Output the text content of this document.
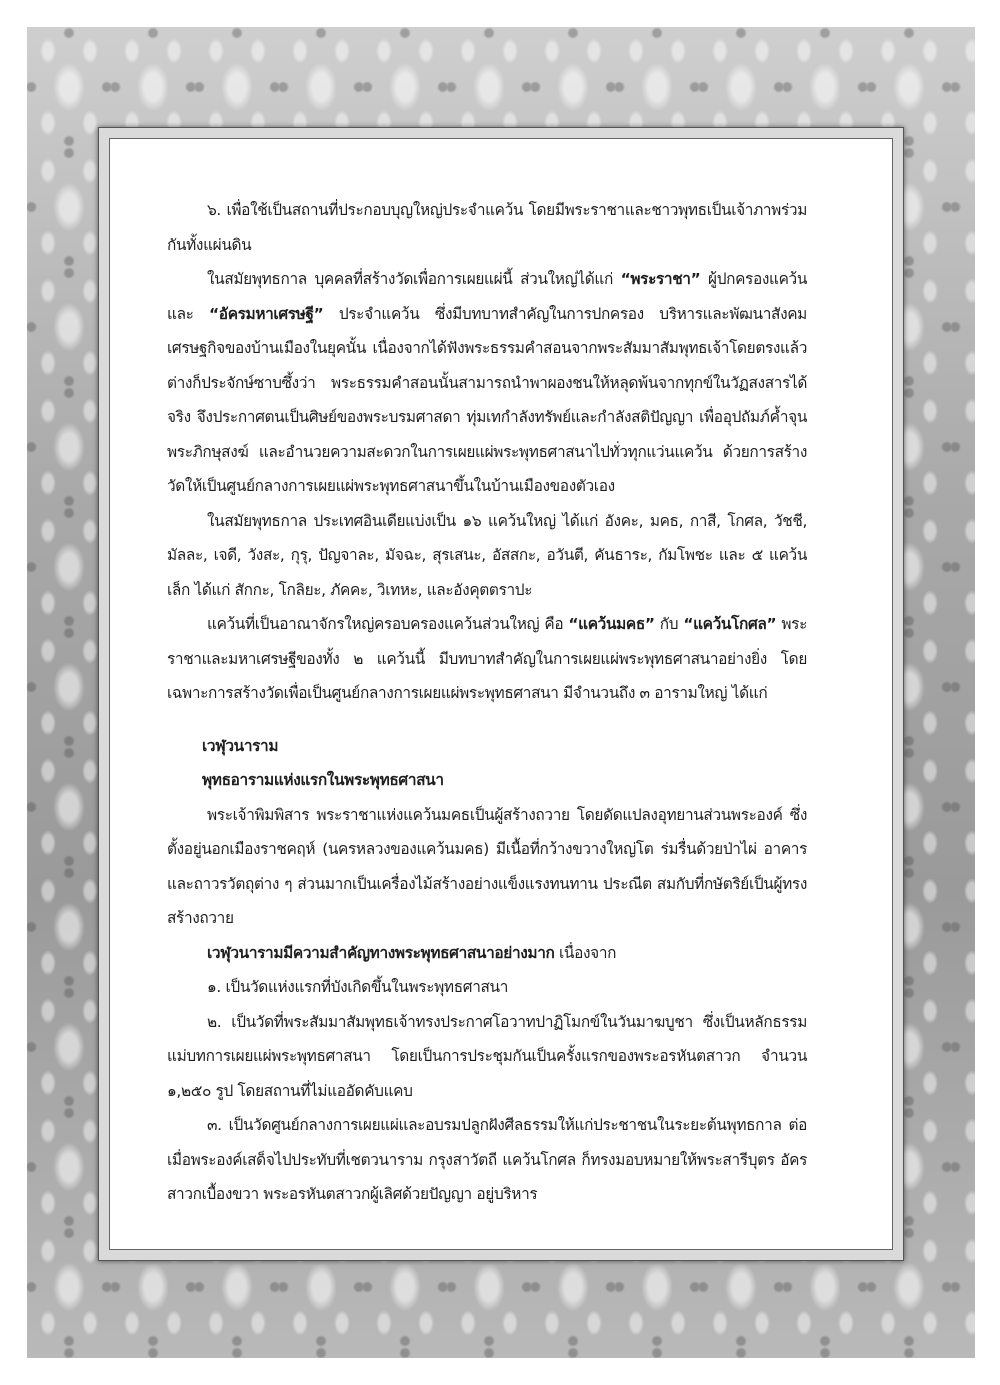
๖. เพื่อใช้เป็นสถานที่ประกอบบุญใหญ่ประจำแคว้น โดยมีพระราชาและชาวพุทธเป็นเจ้าภาพร่วมกันทั้งแผ่นดิน

ในสมัยพุทธกาล บุคคลที่สร้างวัดเพื่อการเผยแผ่นี้ ส่วนใหญ่ได้แก่ “พระราชา” ผู้ปกครองแคว้น และ “อัครมหาเศรษฐี” ประจำแคว้น ซึ่งมีบทบาทสำคัญในการปกครอง บริหารและพัฒนาสังคมเศรษฐกิจของบ้านเมืองในยุคนั้น เนื่องจากได้ฟังพระธรรมคำสอนจากพระสัมมาสัมพุทธเจ้าโดยตรงแล้ว ต่างก็ประจักษ์ซาบซึ้งว่า พระธรรมคำสอนนั้นสามารถนำพาผองชนให้หลุดพ้นจากทุกข์ในวัฏสงสารได้จริง จึงประกาศตนเป็นศิษย์ของพระบรมศาสดา ทุ่มเทกำลังทรัพย์และกำลังสติปัญญา เพื่ออุปถัมภ์ค้ำจุนพระภิกษุสงฆ์ และอำนวยความสะดวกในการเผยแผ่พระพุทธศาสนาไปทั่วทุกแว่นแคว้น ด้วยการสร้างวัดให้เป็นศูนย์กลางการเผยแผ่พระพุทธศาสนาขึ้นในบ้านเมืองของตัวเอง

ในสมัยพุทธกาล ประเทศอินเดียแบ่งเป็น ๑๖ แคว้นใหญ่ ได้แก่ อังคะ, มคธ, กาสี, โกศล, วัชชี, มัลละ, เจดี, วังสะ, กุรุ, ปัญจาละ, มัจฉะ, สุรเสนะ, อัสสกะ, อวันตี, คันธาระ, กัมโพชะ และ ๕ แคว้นเล็ก ได้แก่ สักกะ, โกลิยะ, ภัคคะ, วิเทหะ, และอังคุตตราปะ

แคว้นที่เป็นอาณาจักรใหญ่ครอบครองแคว้นส่วนใหญ่ คือ “แคว้นมคธ” กับ “แคว้นโกศล” พระราชาและมหาเศรษฐีของทั้ง ๒ แคว้นนี้ มีบทบาทสำคัญในการเผยแผ่พระพุทธศาสนาอย่างยิ่ง โดยเฉพาะการสร้างวัดเพื่อเป็นศูนย์กลางการเผยแผ่พระพุทธศาสนา มีจำนวนถึง ๓ อารามใหญ่ ได้แก่

เวฬุวนาราม

พุทธอารามแห่งแรกในพระพุทธศาสนา

พระเจ้าพิมพิสาร พระราชาแห่งแคว้นมคธเป็นผู้สร้างถวาย โดยดัดแปลงอุทยานส่วนพระองค์ ซึ่งตั้งอยู่นอกเมืองราชคฤห์ (นครหลวงของแคว้นมคธ) มีเนื้อที่กว้างขวางใหญ่โต ร่มรื่นด้วยป่าไผ่ อาคารและถาวรวัตถุต่าง ๆ ส่วนมากเป็นเครื่องไม้สร้างอย่างแข็งแรงทนทาน ประณีต สมกับที่กษัตริย์เป็นผู้ทรงสร้างถวาย

เวฬุวนารามมีความสำคัญทางพระพุทธศาสนาอย่างมาก เนื่องจาก

๑. เป็นวัดแห่งแรกที่บังเกิดขึ้นในพระพุทธศาสนา

๒. เป็นวัดที่พระสัมมาสัมพุทธเจ้าทรงประกาศโอวาทปาฏิโมกข์ในวันมาฆบูชา ซึ่งเป็นหลักธรรมแม่บทการเผยแผ่พระพุทธศาสนา โดยเป็นการประชุมกันเป็นครั้งแรกของพระอรหันตสาวก จำนวน ๑,๒๕๐ รูป โดยสถานที่ไม่แออัดคับแคบ

๓. เป็นวัดศูนย์กลางการเผยแผ่และอบรมปลูกฝังศีลธรรมให้แก่ประชาชนในระยะต้นพุทธกาล ต่อเมื่อพระองค์เสด็จไปประทับที่เชตวนาราม กรุงสาวัตถี แคว้นโกศล ก็ทรงมอบหมายให้พระสารีบุตร อัครสาวกเบื้องขวา พระอรหันตสาวกผู้เลิศด้วยปัญญา อยู่บริหาร
